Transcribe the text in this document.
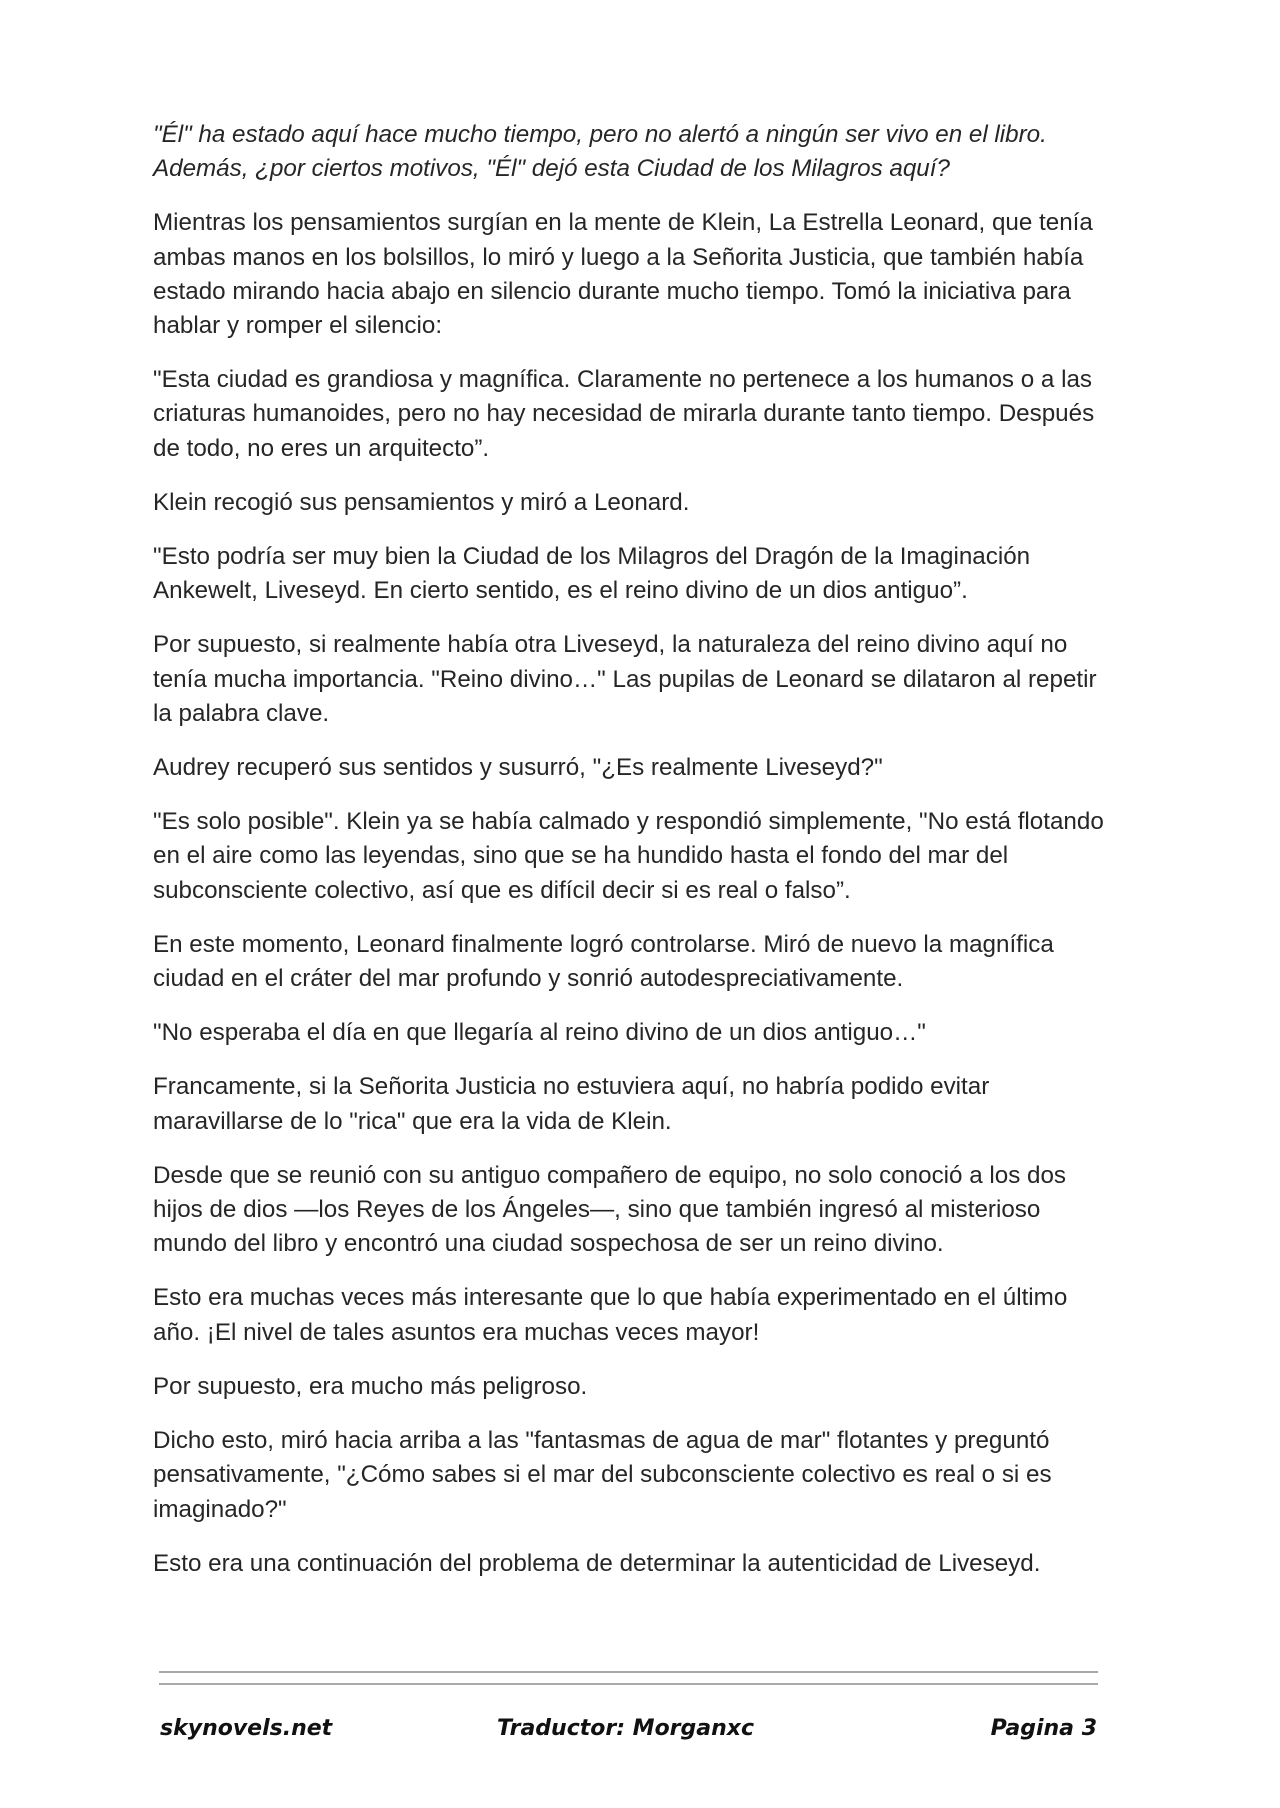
"Él" ha estado aquí hace mucho tiempo, pero no alertó a ningún ser vivo en el libro. Además, ¿por ciertos motivos, "Él" dejó esta Ciudad de los Milagros aquí?

Mientras los pensamientos surgían en la mente de Klein, La Estrella Leonard, que tenía ambas manos en los bolsillos, lo miró y luego a la Señorita Justicia, que también había estado mirando hacia abajo en silencio durante mucho tiempo. Tomó la iniciativa para hablar y romper el silencio:

"Esta ciudad es grandiosa y magnífica. Claramente no pertenece a los humanos o a las criaturas humanoides, pero no hay necesidad de mirarla durante tanto tiempo. Después de todo, no eres un arquitecto”.

Klein recogió sus pensamientos y miró a Leonard.

"Esto podría ser muy bien la Ciudad de los Milagros del Dragón de la Imaginación Ankewelt, Liveseyd. En cierto sentido, es el reino divino de un dios antiguo”.

Por supuesto, si realmente había otra Liveseyd, la naturaleza del reino divino aquí no tenía mucha importancia. "Reino divino…" Las pupilas de Leonard se dilataron al repetir la palabra clave.

Audrey recuperó sus sentidos y susurró, "¿Es realmente Liveseyd?"

"Es solo posible". Klein ya se había calmado y respondió simplemente, "No está flotando en el aire como las leyendas, sino que se ha hundido hasta el fondo del mar del subconsciente colectivo, así que es difícil decir si es real o falso”.

En este momento, Leonard finalmente logró controlarse. Miró de nuevo la magnífica ciudad en el cráter del mar profundo y sonrió autodespreciativamente.

"No esperaba el día en que llegaría al reino divino de un dios antiguo…"

Francamente, si la Señorita Justicia no estuviera aquí, no habría podido evitar maravillarse de lo "rica" que era la vida de Klein.

Desde que se reunió con su antiguo compañero de equipo, no solo conoció a los dos hijos de dios —los Reyes de los Ángeles—, sino que también ingresó al misterioso mundo del libro y encontró una ciudad sospechosa de ser un reino divino.

Esto era muchas veces más interesante que lo que había experimentado en el último año. ¡El nivel de tales asuntos era muchas veces mayor!

Por supuesto, era mucho más peligroso.

Dicho esto, miró hacia arriba a las "fantasmas de agua de mar" flotantes y preguntó pensativamente, "¿Cómo sabes si el mar del subconsciente colectivo es real o si es imaginado?"

Esto era una continuación del problema de determinar la autenticidad de Liveseyd.

skynovels.net	Traductor: Morganxc	Pagina 3
